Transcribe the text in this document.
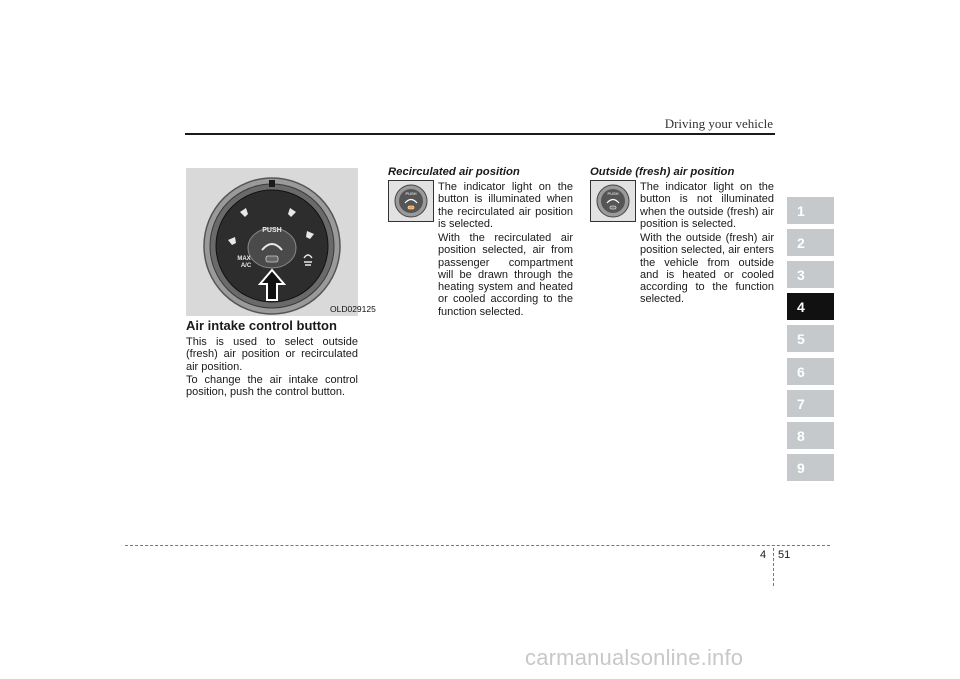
Driving your vehicle
PUSH
MAX
A/C
OLD029125
Air intake control button
This is used to select outside (fresh) air position or recirculated air position.
To change the air intake control position, push the control button.
Recirculated air position
PUSH
The indicator light on the button is illuminated when the recirculated air position is selected.
With the recirculated air position selected, air from passenger compartment will be drawn through the heating system and heated or cooled according to the function selected.
Outside (fresh) air position
PUSH
The indicator light on the button is not illuminated when the outside (fresh) air position is selected.
With the outside (fresh) air position selected, air enters the vehicle from outside and is heated or cooled according to the function selected.
1
2
3
4
5
6
7
8
9
4 51
carmanualsonline.info
